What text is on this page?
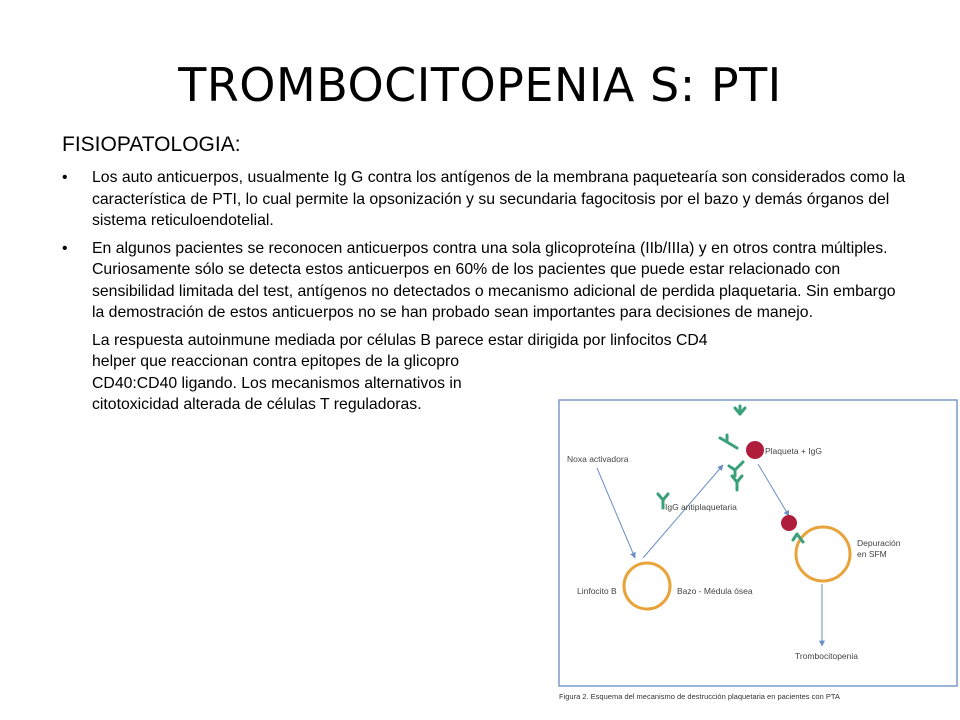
TROMBOCITOPENIA S: PTI
FISIOPATOLOGIA:
• Los auto anticuerpos, usualmente Ig G contra los antígenos de la membrana paqueteаría son considerados como la característica de PTI, lo cual permite la opsonización y su secundaria fagocitosis por el bazo y demás órganos del sistema reticuloendotelial.
• En algunos pacientes se reconocen anticuerpos contra una sola glicoproteína (IIb/IIIa) y en otros contra múltiples. Curiosamente sólo se detecta estos anticuerpos en 60% de los pacientes que puede estar relacionado con sensibilidad limitada del test, antígenos no detectados o mecanismo adicional de perdida plaquetaria. Sin embargo la demostración de estos anticuerpos no se han probado sean importantes para decisiones de manejo.
La respuesta autoinmune mediada por células B parece estar dirigida por linfocitos CD4
helper que reaccionan contra epitopes de la glicopro
CD40:CD40 ligando. Los mecanismos alternativos in
citotoxicidad alterada de células T reguladoras.
Noxa activadora
Plaqueta + IgG
IgG antiplaquetaria
Depuración
en SFM
Linfocito B	Bazo - Médula ósea
Trombocitopenia
Figura 2. Esquema del mecanismo de destrucción plaquetaria en pacientes con PTA
